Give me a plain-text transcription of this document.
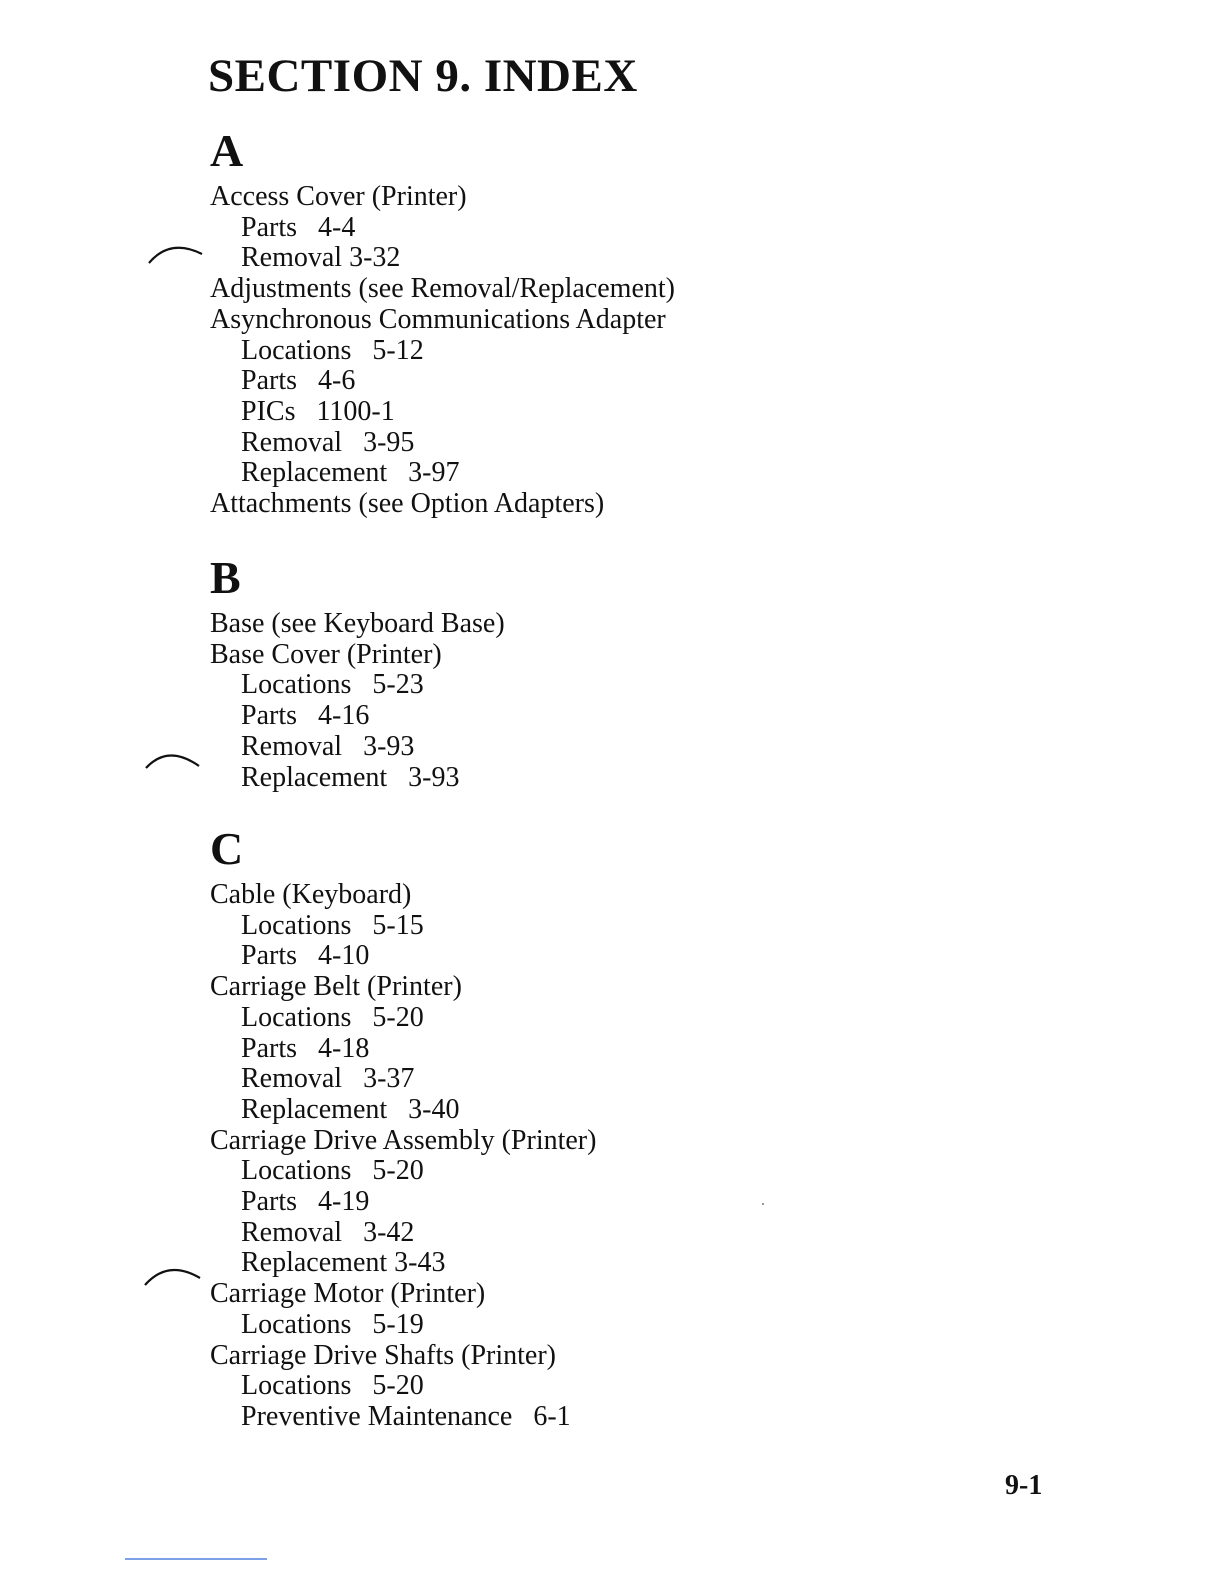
SECTION 9. INDEX
A
Access Cover (Printer)
Parts   4-4
Removal 3-32
Adjustments (see Removal/Replacement)
Asynchronous Communications Adapter
Locations   5-12
Parts   4-6
PICs   1100-1
Removal   3-95
Replacement   3-97
Attachments (see Option Adapters)
B
Base (see Keyboard Base)
Base Cover (Printer)
Locations   5-23
Parts   4-16
Removal   3-93
Replacement   3-93
C
Cable (Keyboard)
Locations   5-15
Parts   4-10
Carriage Belt (Printer)
Locations   5-20
Parts   4-18
Removal   3-37
Replacement   3-40
Carriage Drive Assembly (Printer)
Locations   5-20
Parts   4-19
Removal   3-42
Replacement 3-43
Carriage Motor (Printer)
Locations   5-19
Carriage Drive Shafts (Printer)
Locations   5-20
Preventive Maintenance   6-1
9-1
